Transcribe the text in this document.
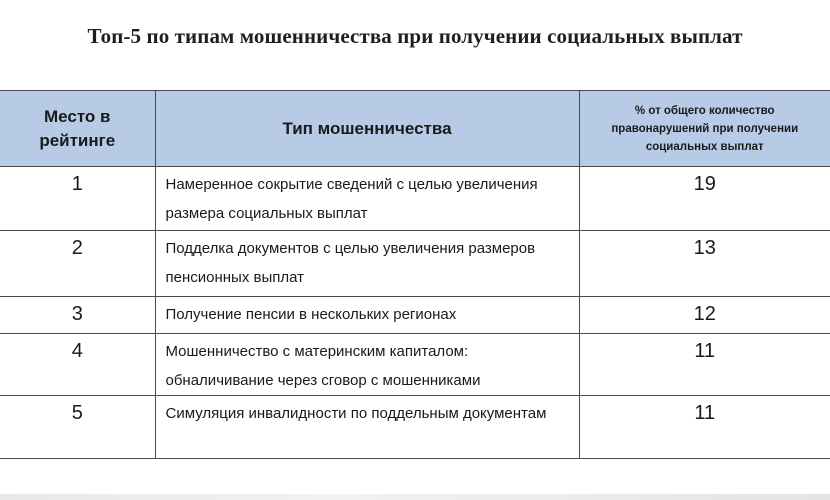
Топ-5 по типам мошенничества при получении социальных выплат
Место в
рейтинге	Тип мошенничества	% от общего количество
правонарушений при получении
социальных выплат
1	Намеренное сокрытие сведений с целью увеличения размера социальных выплат	19
2	Подделка документов с целью увеличения размеров пенсионных выплат	13
3	Получение пенсии в нескольких регионах	12
4	Мошенничество с материнским капиталом: обналичивание через сговор с мошенниками	11
5	Симуляция инвалидности по поддельным документам	11
